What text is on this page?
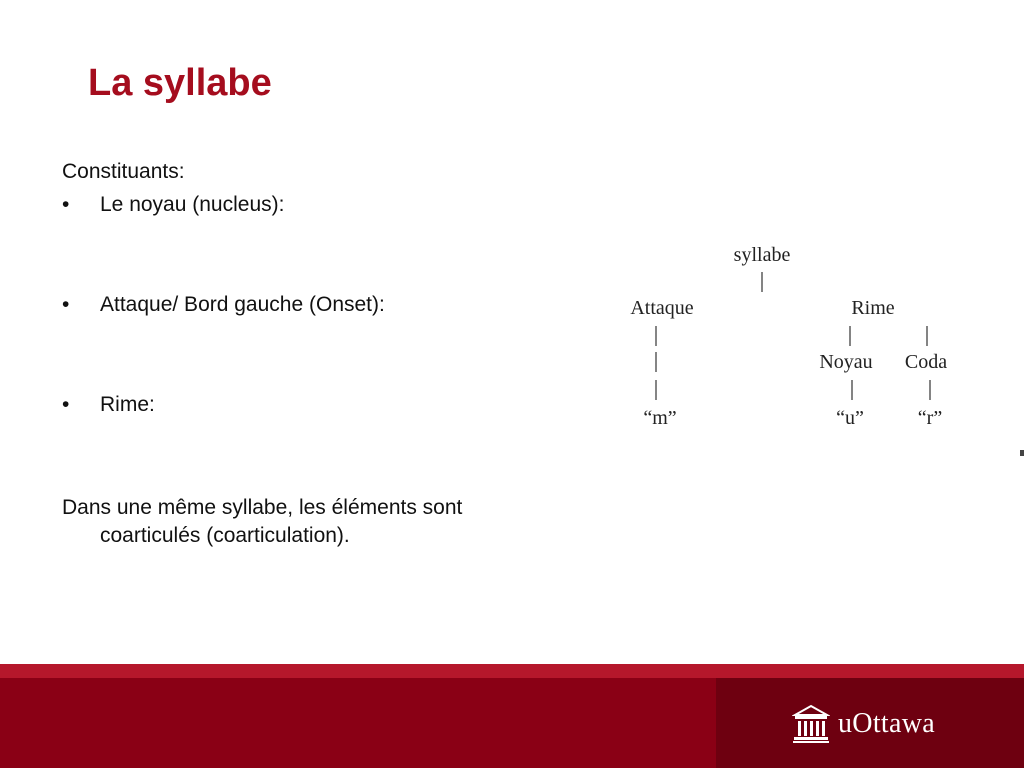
La syllabe

Constituants:

• Le noyau (nucleus):
• Attaque/ Bord gauche (Onset):
• Rime:

Dans une même syllabe, les éléments sont coarticulés (coarticulation).

syllabe
Attaque	Rime
Noyau Coda
“m”	“u”	“r”
uOttawa
